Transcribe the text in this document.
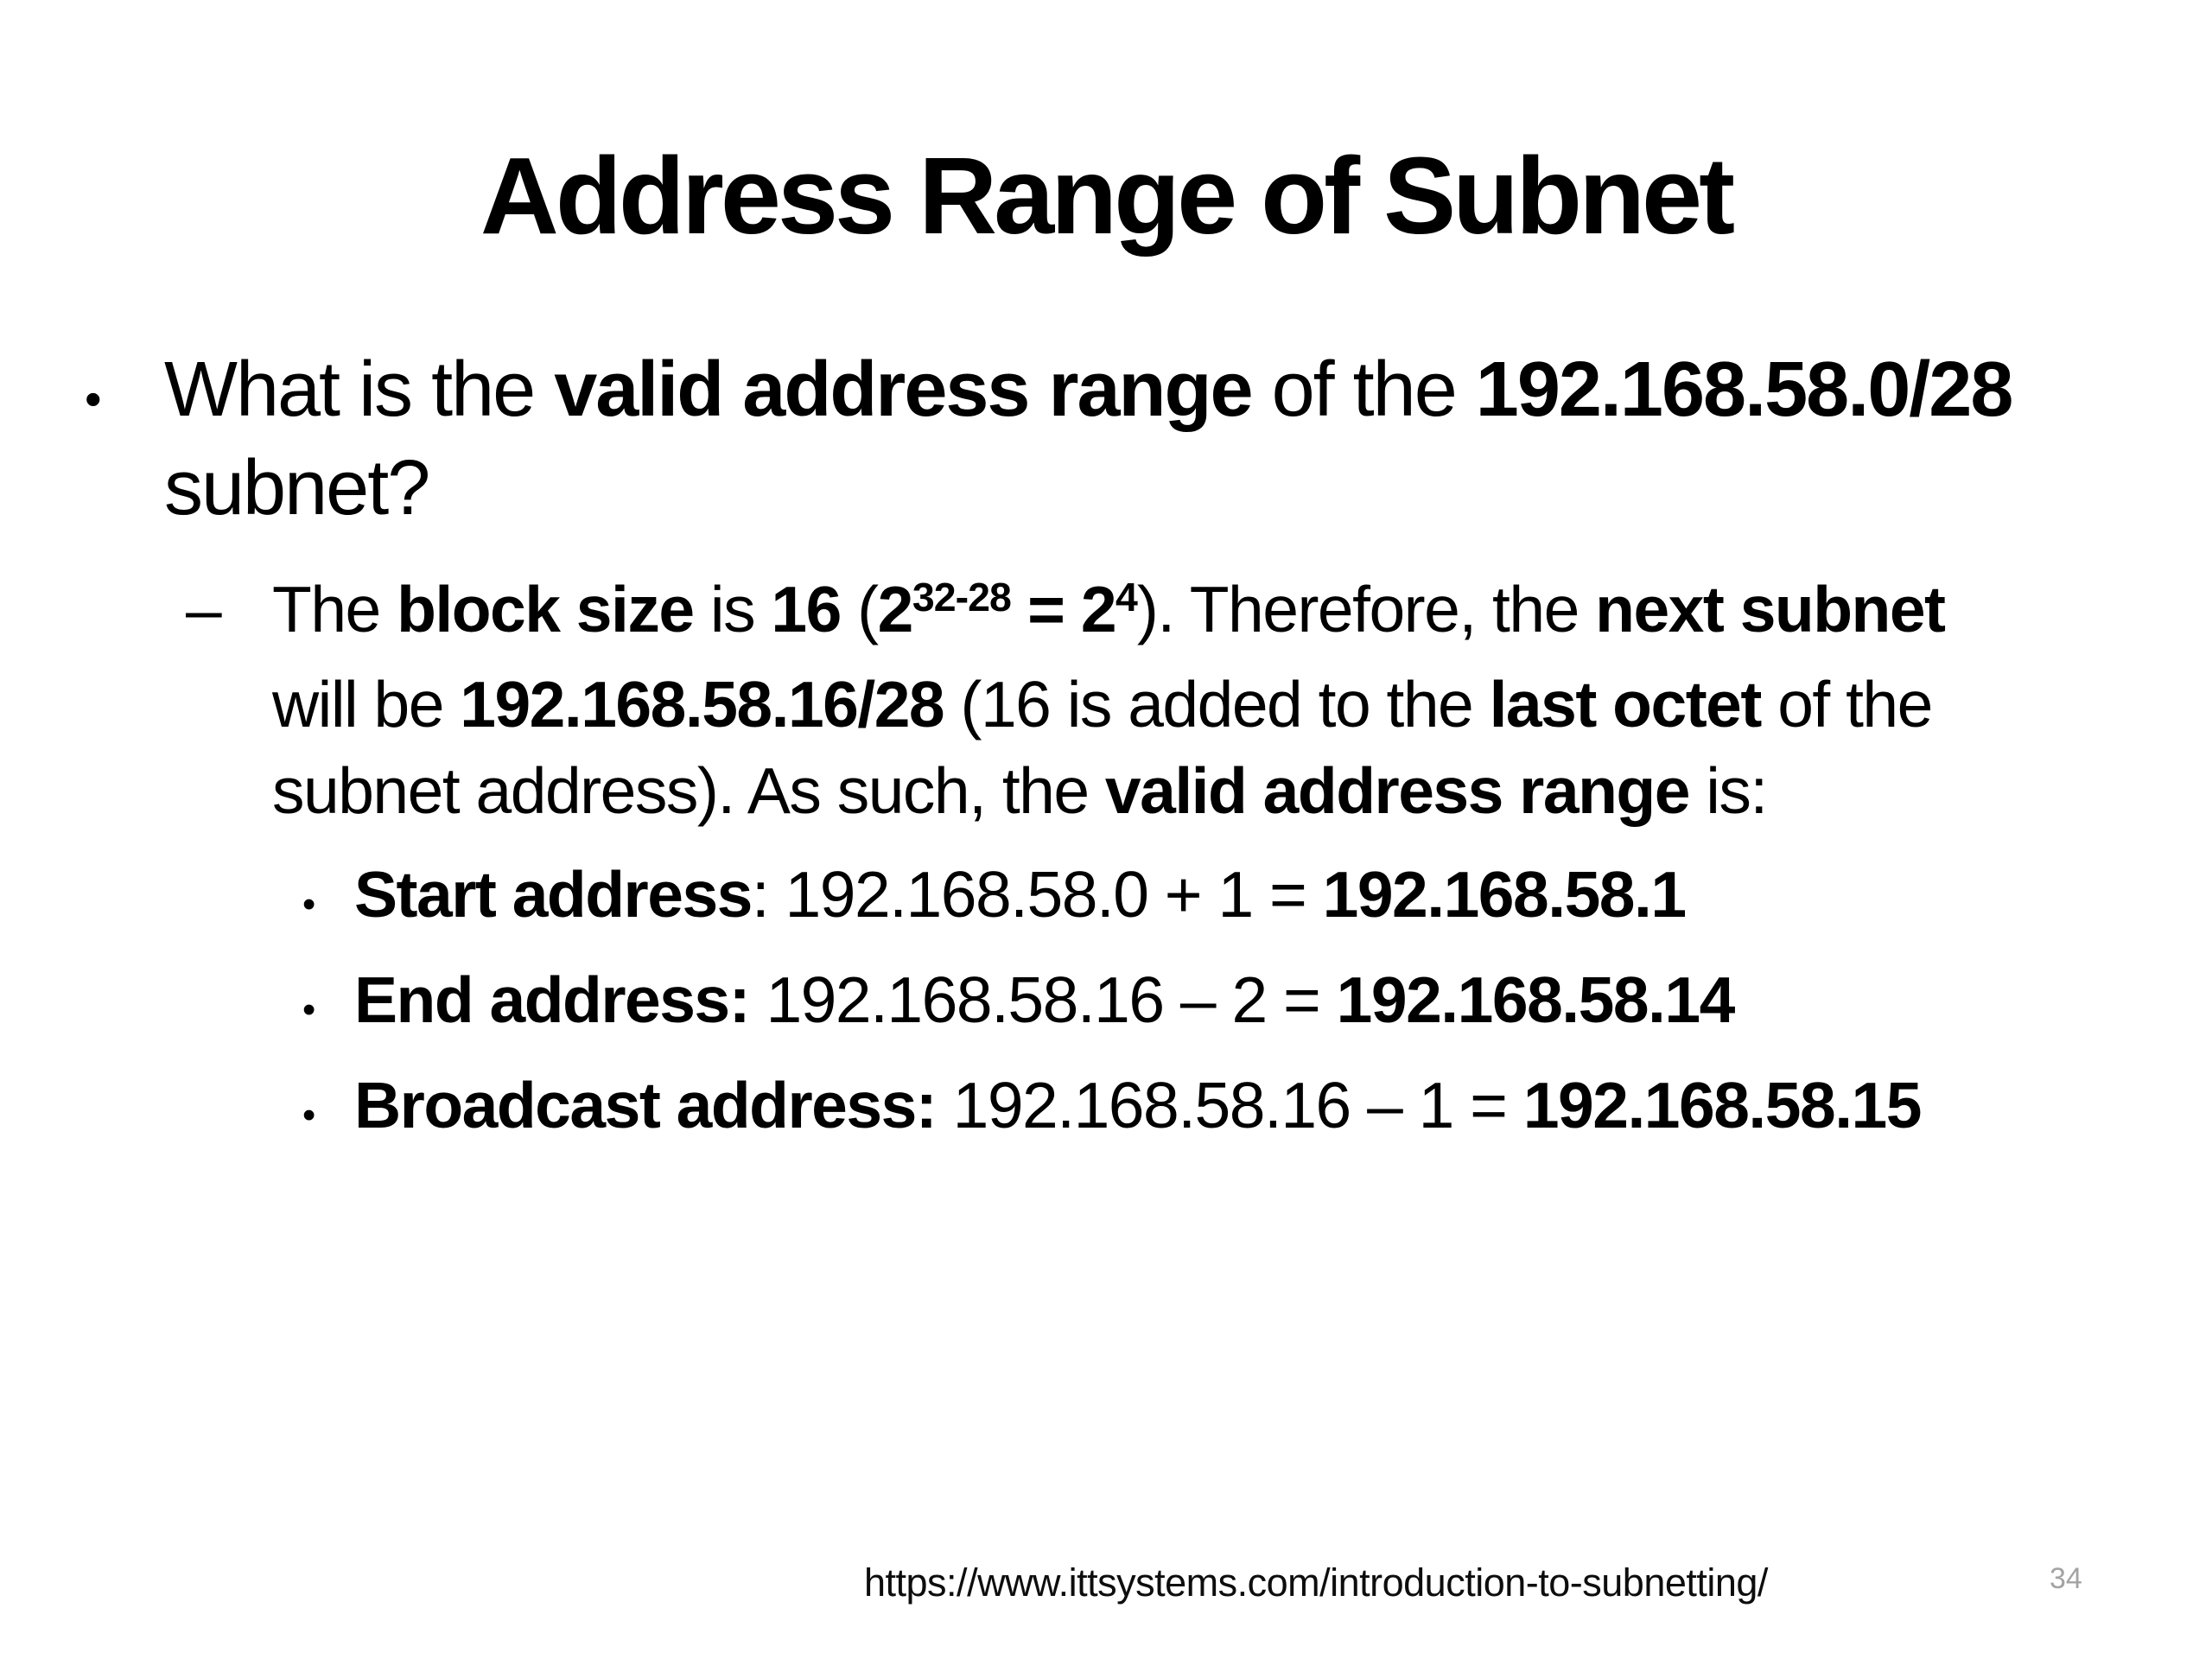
Address Range of Subnet
• What is the valid address range of the 192.168.58.0/28
subnet?
– The block size is 16 $(2^{32-28} = 2^4)$. Therefore, the next subnet
will be 192.168.58.16/28 (16 is added to the last octet of the
subnet address). As such, the valid address range is:
• Start address: 192.168.58.0 + 1 = 192.168.58.1
• End address: 192.168.58.16 – 2 = 192.168.58.14
• Broadcast address: 192.168.58.16 – 1 = 192.168.58.15
https://www.ittsystems.com/introduction-to-subnetting/	34
